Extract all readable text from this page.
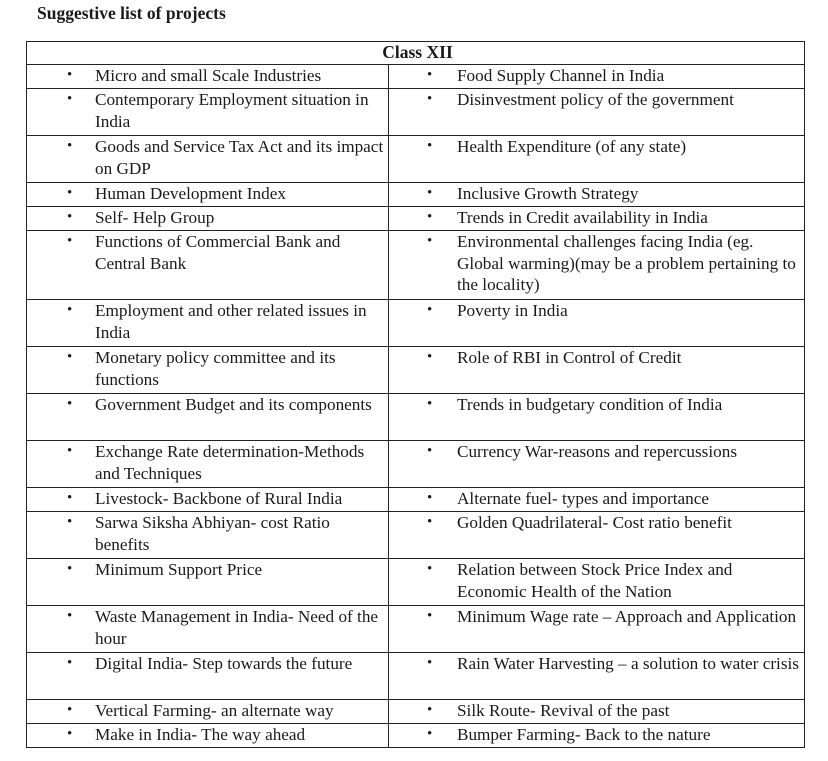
Suggestive list of projects
Class XII	

• Micro and small Scale Industries	• Food Supply Channel in India

• Contemporary Employment situation in India	• Disinvestment policy of the government

• Goods and Service Tax Act and its impact on GDP	• Health Expenditure (of any state)

• Human Development Index	• Inclusive Growth Strategy

• Self- Help Group	• Trends in Credit availability in India

• Functions of Commercial Bank and Central Bank	• Environmental challenges facing India (eg. Global warming)(may be a problem pertaining to the locality)

• Employment and other related issues in India	• Poverty in India

• Monetary policy committee and its functions	• Role of RBI in Control of Credit

• Government Budget and its components	• Trends in budgetary condition of India

• Exchange Rate determination-Methods and Techniques	• Currency War-reasons and repercussions

• Livestock- Backbone of Rural India	• Alternate fuel- types and importance

• Sarwa Siksha Abhiyan- cost Ratio benefits	• Golden Quadrilateral- Cost ratio benefit

• Minimum Support Price	• Relation between Stock Price Index and Economic Health of the Nation

• Waste Management in India- Need of the hour	• Minimum Wage rate – Approach and Application

• Digital India- Step towards the future	• Rain Water Harvesting – a solution to water crisis

• Vertical Farming- an alternate way	• Silk Route- Revival of the past

• Make in India- The way ahead	• Bumper Farming- Back to the nature
